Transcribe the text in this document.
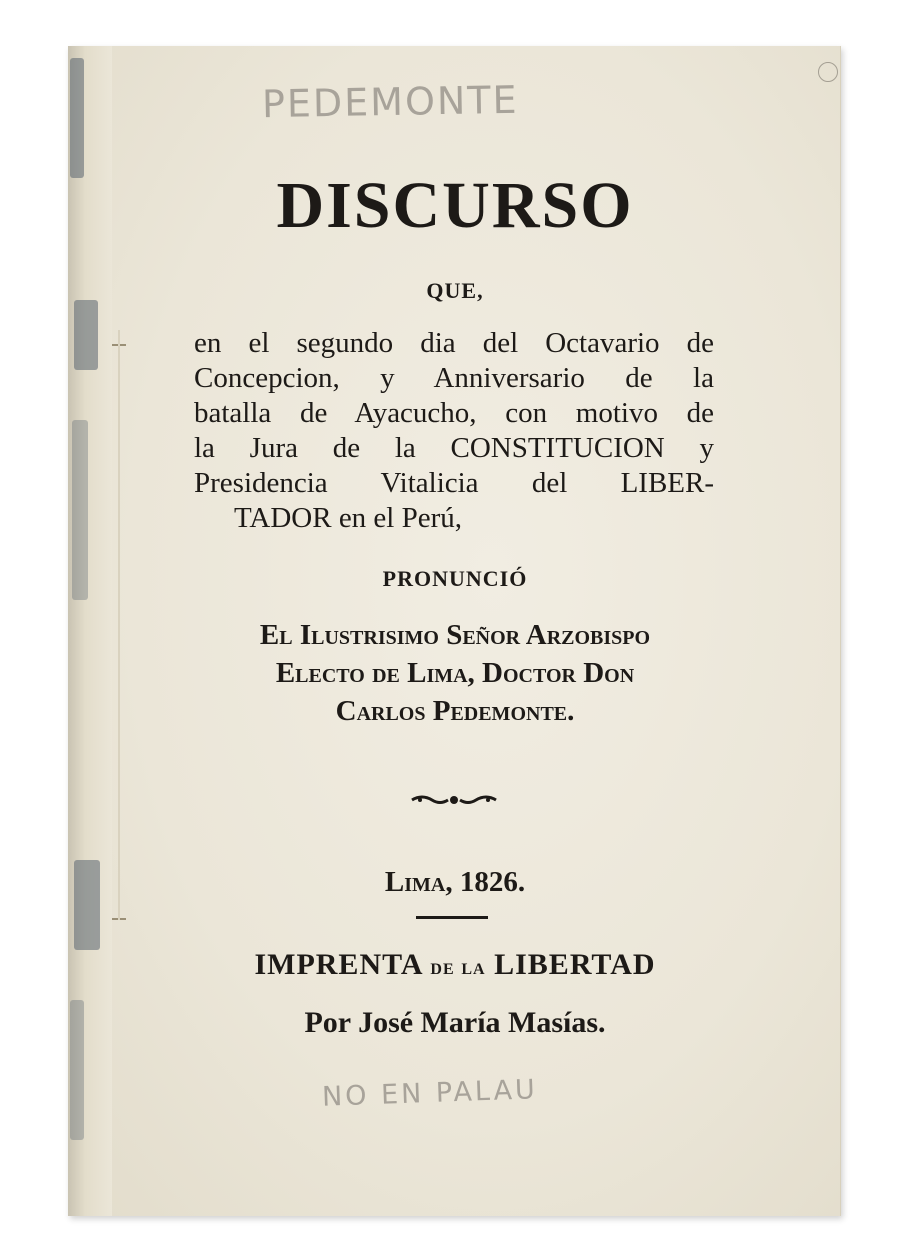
PEDEMONTE
DISCURSO
QUE,
en el segundo dia del Octavario de
Concepcion, y Anniversario de la
batalla de Ayacucho, con motivo de
la Jura de la CONSTITUCION y
Presidencia Vitalicia del LIBER-
TADOR en el Perú,
PRONUNCIÓ
El Ilustrisimo Señor Arzobispo
Electo de Lima, Doctor Don
Carlos Pedemonte.
Lima, 1826.
IMPRENTA de la LIBERTAD
Por José María Masías.
NO EN PALAU
